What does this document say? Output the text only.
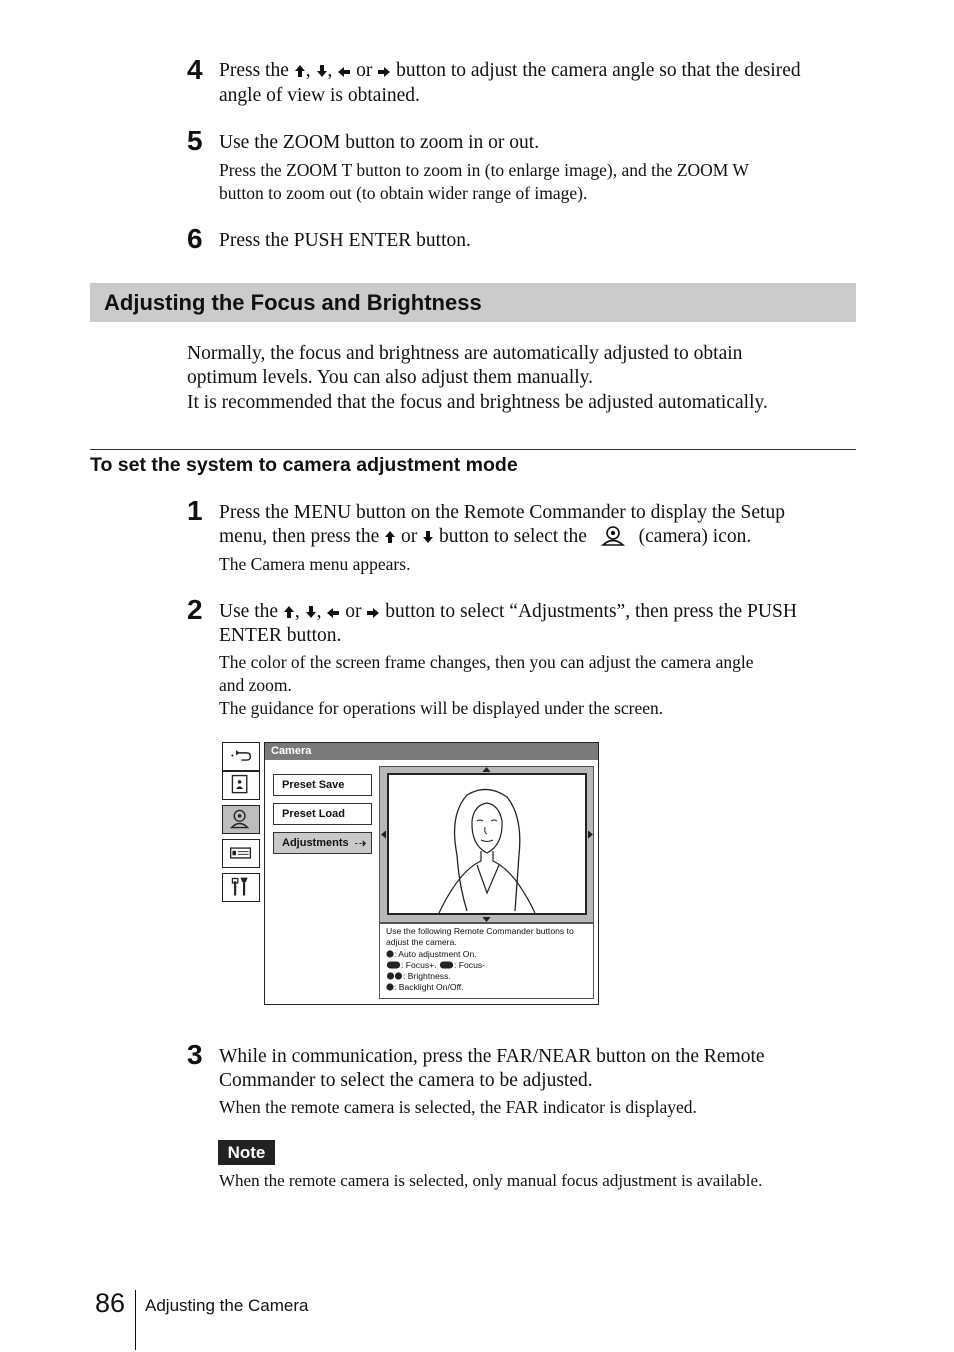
4 Press the , , or button to adjust the camera angle so that the desired
angle of view is obtained.
5 Use the ZOOM button to zoom in or out.
Press the ZOOM T button to zoom in (to enlarge image), and the ZOOM W
button to zoom out (to obtain wider range of image).
6 Press the PUSH ENTER button.
Adjusting the Focus and Brightness
Normally, the focus and brightness are automatically adjusted to obtain
optimum levels. You can also adjust them manually.
It is recommended that the focus and brightness be adjusted automatically.
To set the system to camera adjustment mode
1 Press the MENU button on the Remote Commander to display the Setup
menu, then press the or button to select the	(camera) icon.
The Camera menu appears.
2 Use the , , or button to select “Adjustments”, then press the PUSH
ENTER button.
The color of the screen frame changes, then you can adjust the camera angle
and zoom.
The guidance for operations will be displayed under the screen.
Camera
Preset Save
Preset Load
Adjustments
Use the following Remote Commander buttons to
adjust the camera.
: Auto adjustment On.
: Focus+. : Focus-
: Brightness.
: Backlight On/Off.
3 While in communication, press the FAR/NEAR button on the Remote
Commander to select the camera to be adjusted.
When the remote camera is selected, the FAR indicator is displayed.
Note
When the remote camera is selected, only manual focus adjustment is available.
86 Adjusting the Camera
